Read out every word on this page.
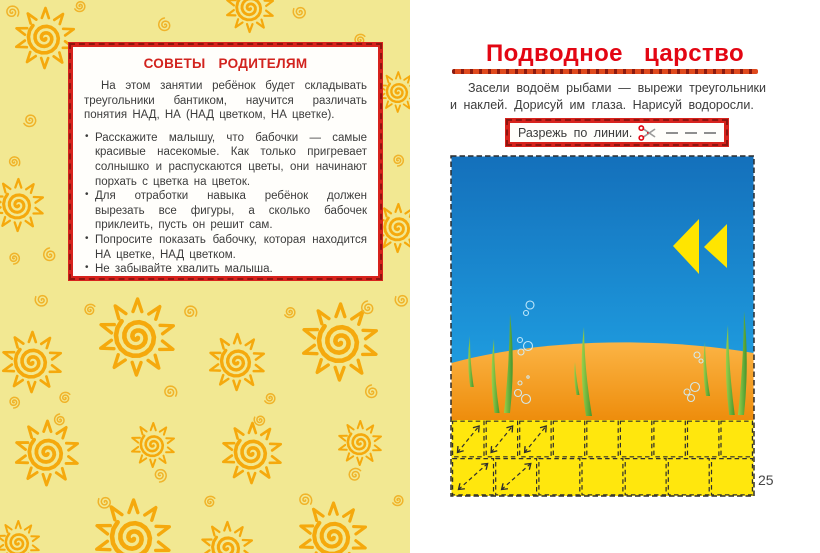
СОВЕТЫ РОДИТЕЛЯМ

На этом занятии ребёнок будет складывать треугольники бантиком, научится различать понятия НАД, НА (НАД цветком, НА цветке).

• Расскажите малышу, что бабочки — самые красивые насекомые. Как только пригревает солнышко и распускаются цветы, они начинают порхать с цветка на цветок.
• Для отработки навыка ребёнок должен вырезать все фигуры, а сколько бабочек приклеить, пусть он решит сам.
• Попросите показать бабочку, которая находится НА цветке, НАД цветком.
• Не забывайте хвалить малыша.
Подводное царство

Засели водоём рыбами — вырежи треугольники и наклей. Дорисуй им глаза. Нарисуй водоросли.

Разрежь по линии.
25
